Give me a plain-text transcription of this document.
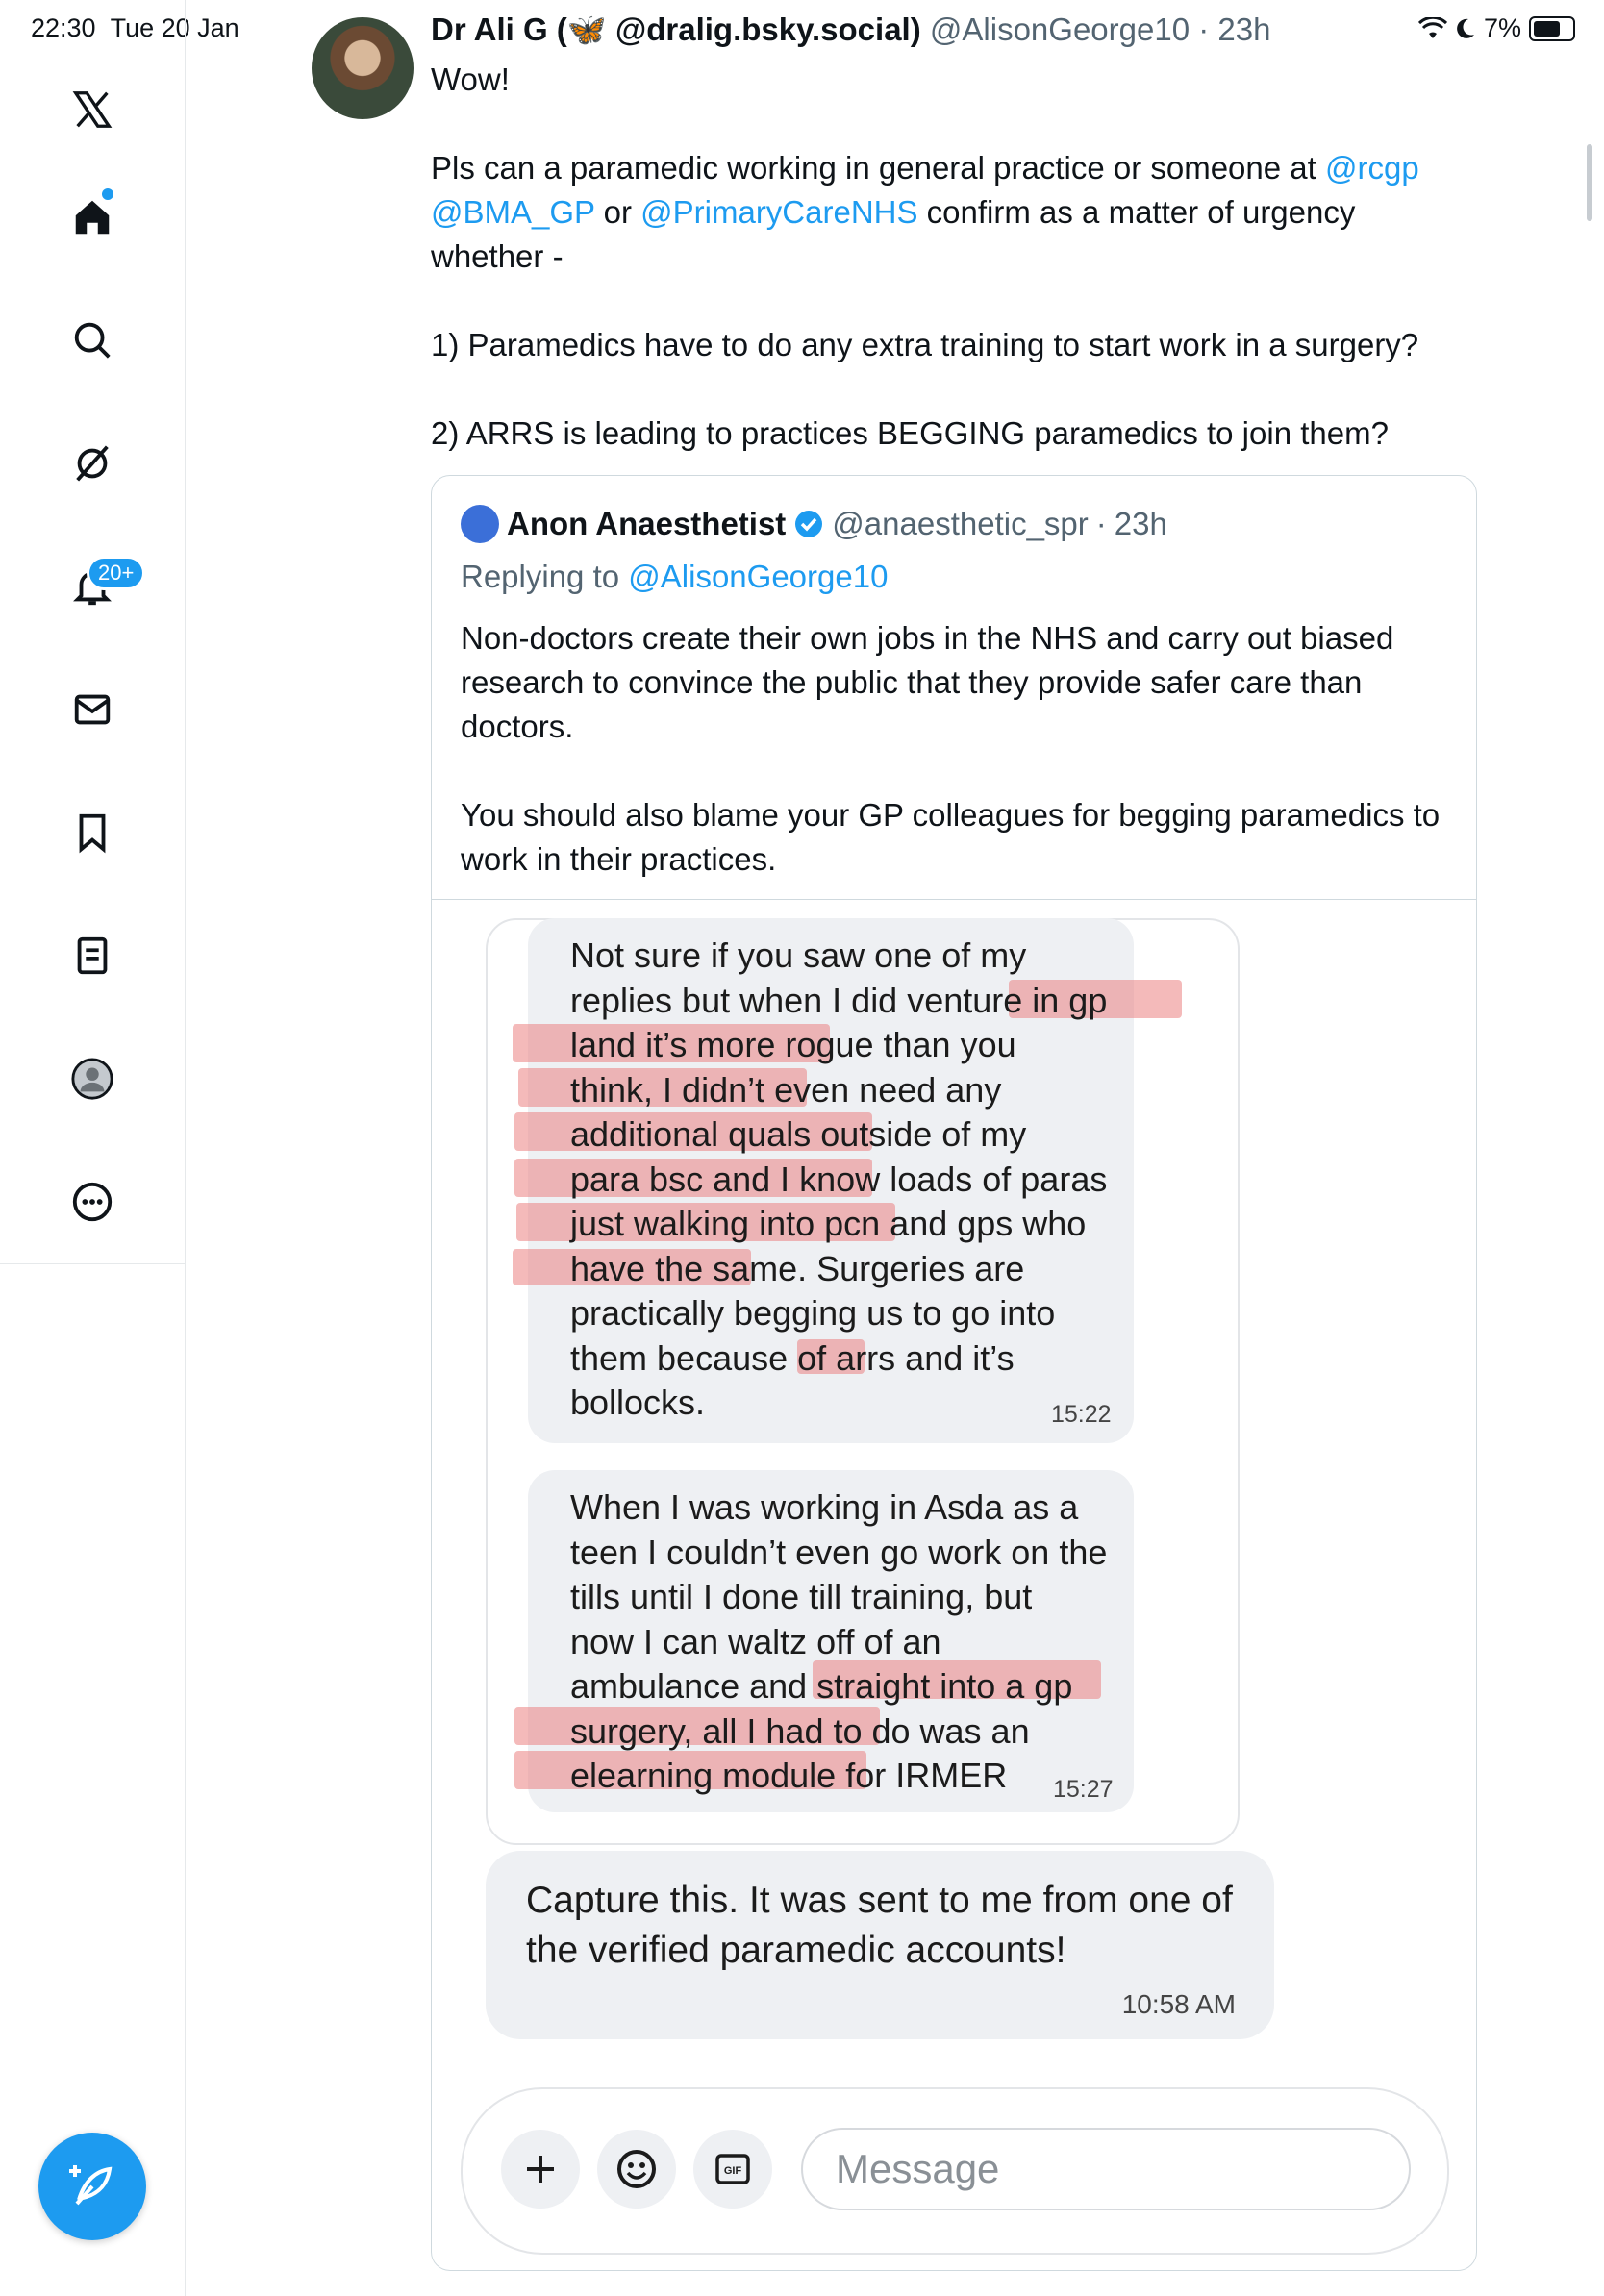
22:30 Tue 20 Jan	7%
20+
Dr Ali G (🦋 @dralig.bsky.social) @AlisonGeorge10 · 23h

Wow!

Pls can a paramedic working in general practice or someone at @rcgp

@BMA_GP or @PrimaryCareNHS confirm as a matter of urgency

whether -

1) Paramedics have to do any extra training to start work in a surgery?

2) ARRS is leading to practices BEGGING paramedics to join them?

Anon Anaesthetist @anaesthetic_spr · 23h
Replying to @AlisonGeorge10

Non-doctors create their own jobs in the NHS and carry out biased research to convince the public that they provide safer care than doctors.

You should also blame your GP colleagues for begging paramedics to work in their practices.

Not sure if you saw one of my
replies but when I did venture in gp
land it’s more rogue than you
think, I didn’t even need any
additional quals outside of my
para bsc and I know loads of paras
just walking into pcn and gps who
have the same. Surgeries are
practically begging us to go into
them because of arrs and it’s
bollocks.	15:22
When I was working in Asda as a
teen I couldn’t even go work on the
tills until I done till training, but
now I can waltz off of an
ambulance and straight into a gp
surgery, all I had to do was an
elearning module for IRMER	15:27
Capture this. It was sent to me from one of the verified paramedic accounts!
10:58 AM
GIF	Message
